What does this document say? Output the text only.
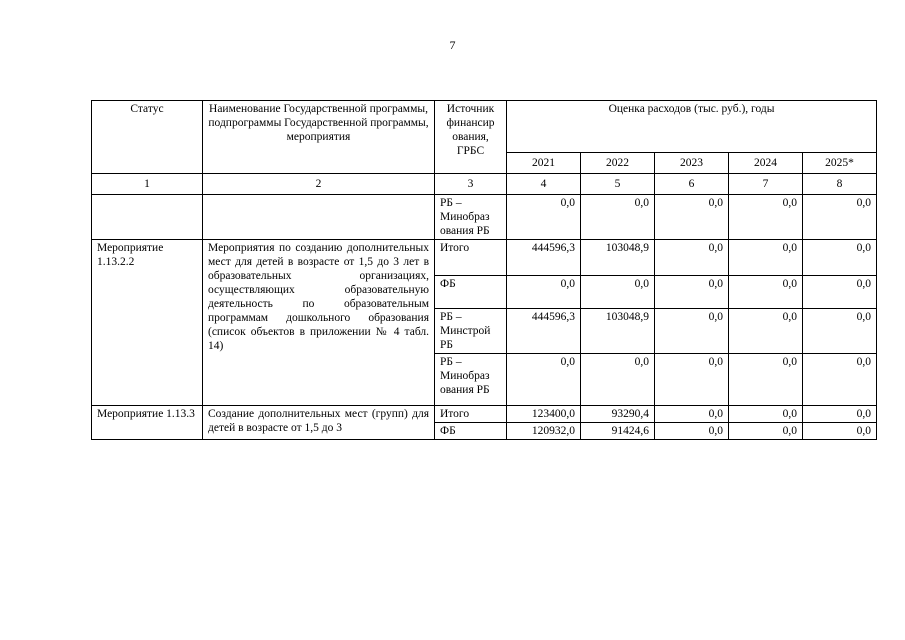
7
Статус	Наименование Государственной программы, подпрограммы Государственной программы, мероприятия	Источник финансир ования, ГРБС	Оценка расходов (тыс. руб.), годы				
			2021	2022	2023	2024	2025*
1	2	3	4	5	6	7	8
		РБ – Минобраз ования РБ	0,0	0,0	0,0	0,0	0,0
Мероприятие 1.13.2.2	Мероприятия по созданию дополнительных мест для детей в возрасте от 1,5 до 3 лет в образовательных организациях, осуществляющих образовательную деятельность по образовательным программам дошкольного образования (список объектов в приложении № 4 табл. 14)	Итого	444596,3	103048,9	0,0	0,0	0,0
		ФБ	0,0	0,0	0,0	0,0	0,0
		РБ – Минстрой РБ	444596,3	103048,9	0,0	0,0	0,0
		РБ – Минобраз ования РБ	0,0	0,0	0,0	0,0	0,0
Мероприятие 1.13.3	Создание дополнительных мест (групп) для детей в возрасте от 1,5 до 3	Итого	123400,0	93290,4	0,0	0,0	0,0
		ФБ	120932,0	91424,6	0,0	0,0	0,0
